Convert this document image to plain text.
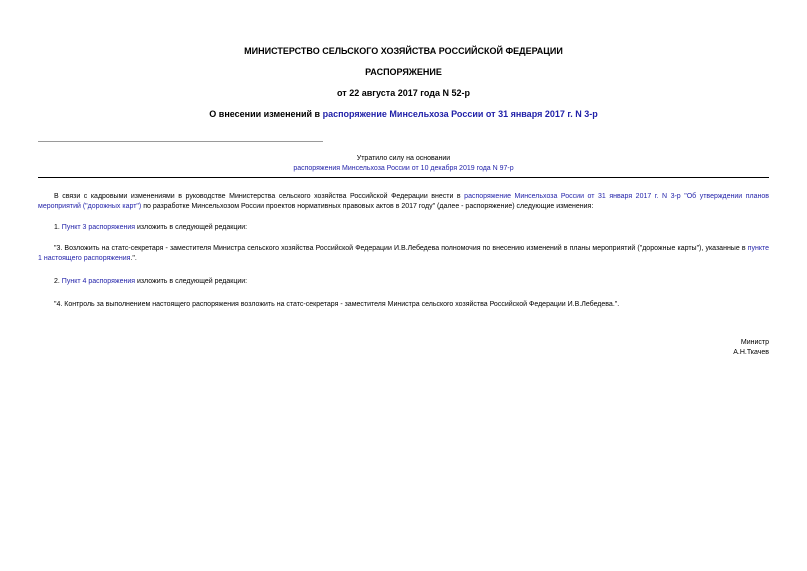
МИНИСТЕРСТВО СЕЛЬСКОГО ХОЗЯЙСТВА РОССИЙСКОЙ ФЕДЕРАЦИИ
РАСПОРЯЖЕНИЕ
от 22 августа 2017 года N 52-р
О внесении изменений в распоряжение Минсельхоза России от 31 января 2017 г. N 3-р
Утратило силу на основании
распоряжения Минсельхоза России от 10 декабря 2019 года N 97-р

В связи с кадровыми изменениями в руководстве Министерства сельского хозяйства Российской Федерации внести в распоряжение Минсельхоза России от 31 января 2017 г. N 3-р "Об утверждении планов мероприятий ("дорожных карт") по разработке Минсельхозом России проектов нормативных правовых актов в 2017 году" (далее - распоряжение) следующие изменения:

1. Пункт 3 распоряжения изложить в следующей редакции:

"3. Возложить на статс-секретаря - заместителя Министра сельского хозяйства Российской Федерации И.В.Лебедева полномочия по внесению изменений в планы мероприятий ("дорожные карты"), указанные в пункте 1 настоящего распоряжения.".

2. Пункт 4 распоряжения изложить в следующей редакции:

"4. Контроль за выполнением настоящего распоряжения возложить на статс-секретаря - заместителя Министра сельского хозяйства Российской Федерации И.В.Лебедева.".

Министр
А.Н.Ткачев
